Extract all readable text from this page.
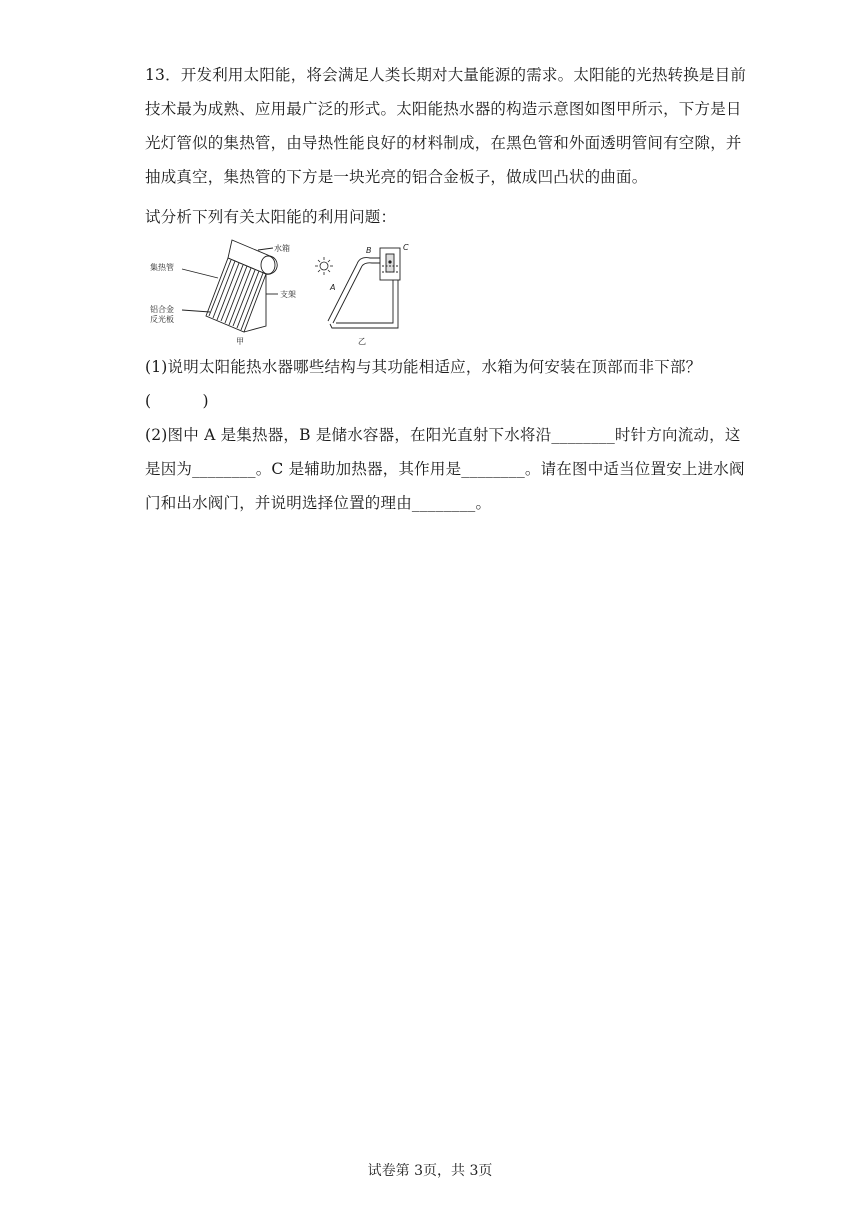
13．开发利用太阳能，将会满足人类长期对大量能源的需求。太阳能的光热转换是目前
技术最为成熟、应用最广泛的形式。太阳能热水器的构造示意图如图甲所示，下方是日
光灯管似的集热管，由导热性能良好的材料制成，在黑色管和外面透明管间有空隙，并
抽成真空，集热管的下方是一块光亮的铝合金板子，做成凹凸状的曲面。
试分析下列有关太阳能的利用问题：
集热管
水箱
支架
铝合金
反光板
甲
B	C
A
乙
(1)说明太阳能热水器哪些结构与其功能相适应，水箱为何安装在顶部而非下部？
(          )
(2)图中 A 是集热器，B 是储水容器，在阳光直射下水将沿________时针方向流动，这
是因为________。C 是辅助加热器，其作用是________。请在图中适当位置安上进水阀
门和出水阀门，并说明选择位置的理由________。
试卷第 3页，共 3页
